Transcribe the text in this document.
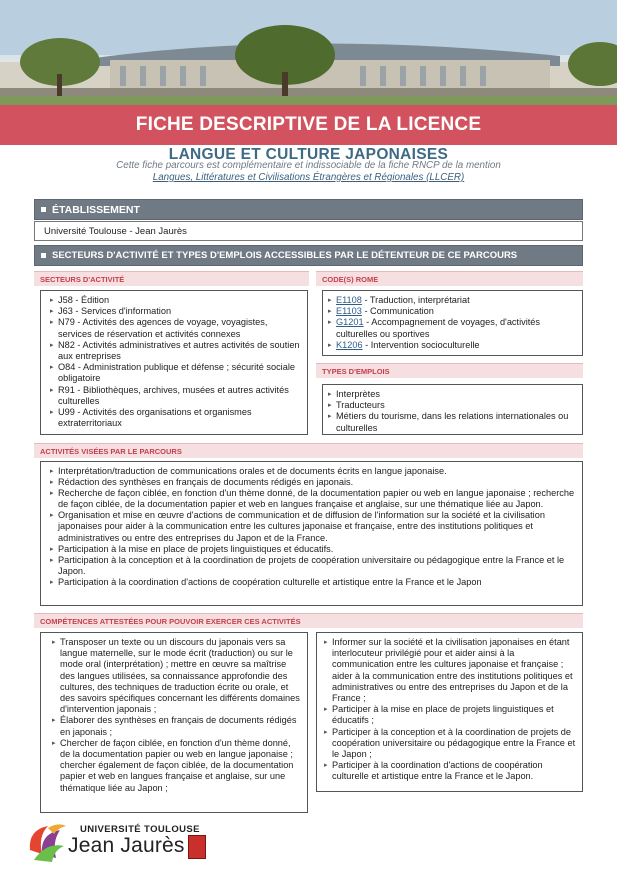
FICHE DESCRIPTIVE DE LA LICENCE
LANGUE ET CULTURE JAPONAISES
Cette fiche parcours est complémentaire et indissociable de la fiche RNCP de la mention
Langues, Littératures et Civilisations Étrangères et Régionales (LLCER)
ÉTABLISSEMENT
Université Toulouse - Jean Jaurès
SECTEURS D'ACTIVITÉ ET TYPES D'EMPLOIS ACCESSIBLES PAR LE DÉTENTEUR DE CE PARCOURS
SECTEURS D'ACTIVITÉ
▸ J58 - Édition
▸ J63 - Services d'information
▸ N79 - Activités des agences de voyage, voyagistes, services de réservation et activités connexes
▸ N82 - Activités administratives et autres activités de soutien aux entreprises
▸ O84 - Administration publique et défense ; sécurité sociale obligatoire
▸ R91 - Bibliothèques, archives, musées et autres activités culturelles
▸ U99 - Activités des organisations et organismes extraterritoriaux
CODE(S) ROME
▸ E1108 - Traduction, interprétariat
▸ E1103 - Communication
▸ G1201 - Accompagnement de voyages, d'activités culturelles ou sportives
▸ K1206 - Intervention socioculturelle
TYPES D'EMPLOIS
▸ Interprètes
▸ Traducteurs
▸ Métiers du tourisme, dans les relations internationales ou culturelles
ACTIVITÉS VISÉES PAR LE PARCOURS
▸ Interprétation/traduction de communications orales et de documents écrits en langue japonaise.
▸ Rédaction des synthèses en français de documents rédigés en japonais.
▸ Recherche de façon ciblée, en fonction d'un thème donné, de la documentation papier ou web en langue japonaise ; recherche de façon ciblée, de la documentation papier et web en langues française et anglaise, sur une thématique liée au Japon.
▸ Organisation et mise en œuvre d'actions de communication et de diffusion de l'information sur la société et la civilisation japonaises pour aider à la communication entre les cultures japonaise et française, entre des institutions politiques et administratives ou entre des entreprises du Japon et de la France.
▸ Participation à la mise en place de projets linguistiques et éducatifs.
▸ Participation à la conception et à la coordination de projets de coopération universitaire ou pédagogique entre la France et le Japon.
▸ Participation à la coordination d'actions de coopération culturelle et artistique entre la France et le Japon
COMPÉTENCES ATTESTÉES POUR POUVOIR EXERCER CES ACTIVITÉS
▸ Transposer un texte ou un discours du japonais vers sa langue maternelle, sur le mode écrit (traduction) ou sur le mode oral (interprétation) ; mettre en œuvre sa maîtrise des langues utilisées, sa connaissance approfondie des cultures, des techniques de traduction écrite ou orale, et des savoirs spécifiques concernant les différents domaines d'intervention japonais ;
▸ Élaborer des synthèses en français de documents rédigés en japonais ;
▸ Chercher de façon ciblée, en fonction d'un thème donné, de la documentation papier ou web en langue japonaise ; chercher également de façon ciblée, de la documentation papier et web en langues française et anglaise, sur une thématique liée au Japon ;
▸ Informer sur la société et la civilisation japonaises en étant interlocuteur privilégié pour et aider ainsi à la communication entre les cultures japonaise et française ; aider à la communication entre des institutions politiques et administratives ou entre des entreprises du Japon et de la France ;
▸ Participer à la mise en place de projets linguistiques et éducatifs ;
▸ Participer à la conception et à la coordination de projets de coopération universitaire ou pédagogique entre la France et le Japon ;
▸ Participer à la coordination d'actions de coopération culturelle et artistique entre la France et le Japon.
UNIVERSITÉ TOULOUSE
Jean Jaurès
